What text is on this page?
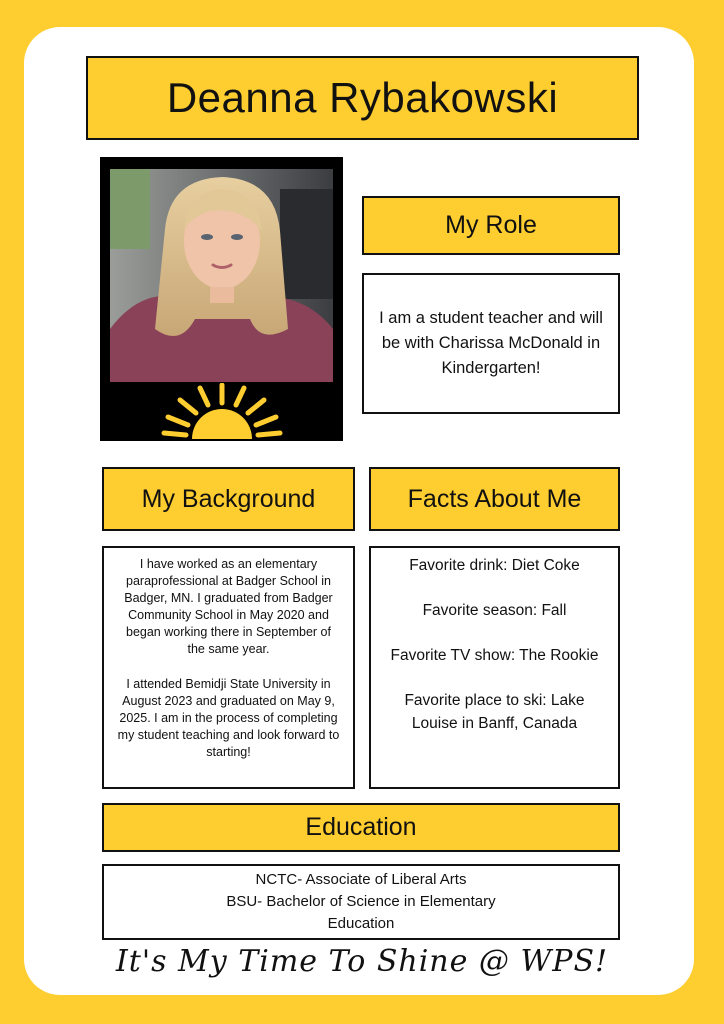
Deanna Rybakowski
My Role
I am a student teacher and will be with Charissa McDonald in Kindergarten!
My Background	Facts About Me

I have worked as an elementary paraprofessional at Badger School in Badger, MN. I graduated from Badger Community School in May 2020 and began working there in September of the same year.

I attended Bemidji State University in August 2023 and graduated on May 9, 2025. I am in the process of completing my student teaching and look forward to starting!

Favorite drink: Diet Coke

Favorite season: Fall

Favorite TV show: The Rookie

Favorite place to ski: Lake Louise in Banff, Canada

Education
NCTC- Associate of Liberal Arts
BSU- Bachelor of Science in Elementary Education
It's My Time To Shine @ WPS!
